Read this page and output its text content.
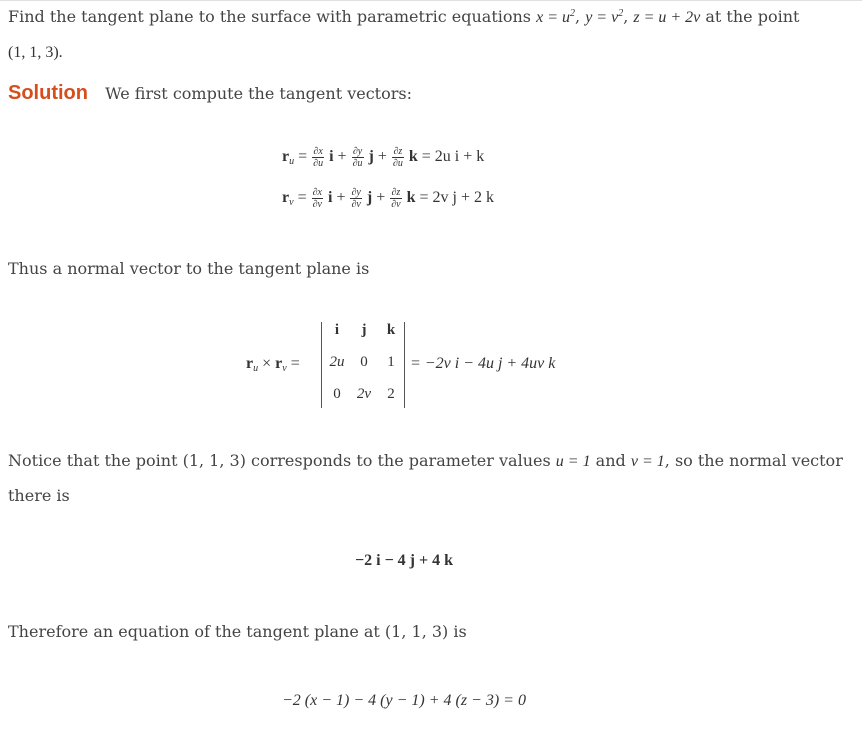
Find the tangent plane to the surface with parametric equations $x = u^2$, $y = v^2$, z = u + 2v at the point
(1, 1, 3).

Solution We first compute the tangent vectors:

$r_u = \frac{\partial x}{\partial u}$ $i + \frac{\partial y}{\partial u}$ $j + \frac{\partial z}{\partial u}$ k = 2u i + k
$r_v = \frac{\partial x}{\partial v}$ $i + \frac{\partial y}{\partial v}$ $j + \frac{\partial z}{\partial v}$ k = 2v j + 2 k

Thus a normal vector to the tangent plane is

$r_u \times r_v$ =
i	j	k
2u	0	1
0	2v	2
= −2v i − 4u j + 4uv k

Notice that the point (1, 1, 3) corresponds to the parameter values u = 1 and v = 1, so the normal vector
there is

−2 i − 4 j + 4 k

Therefore an equation of the tangent plane at (1, 1, 3) is

−2 (x − 1) − 4 (y − 1) + 4 (z − 3) = 0
